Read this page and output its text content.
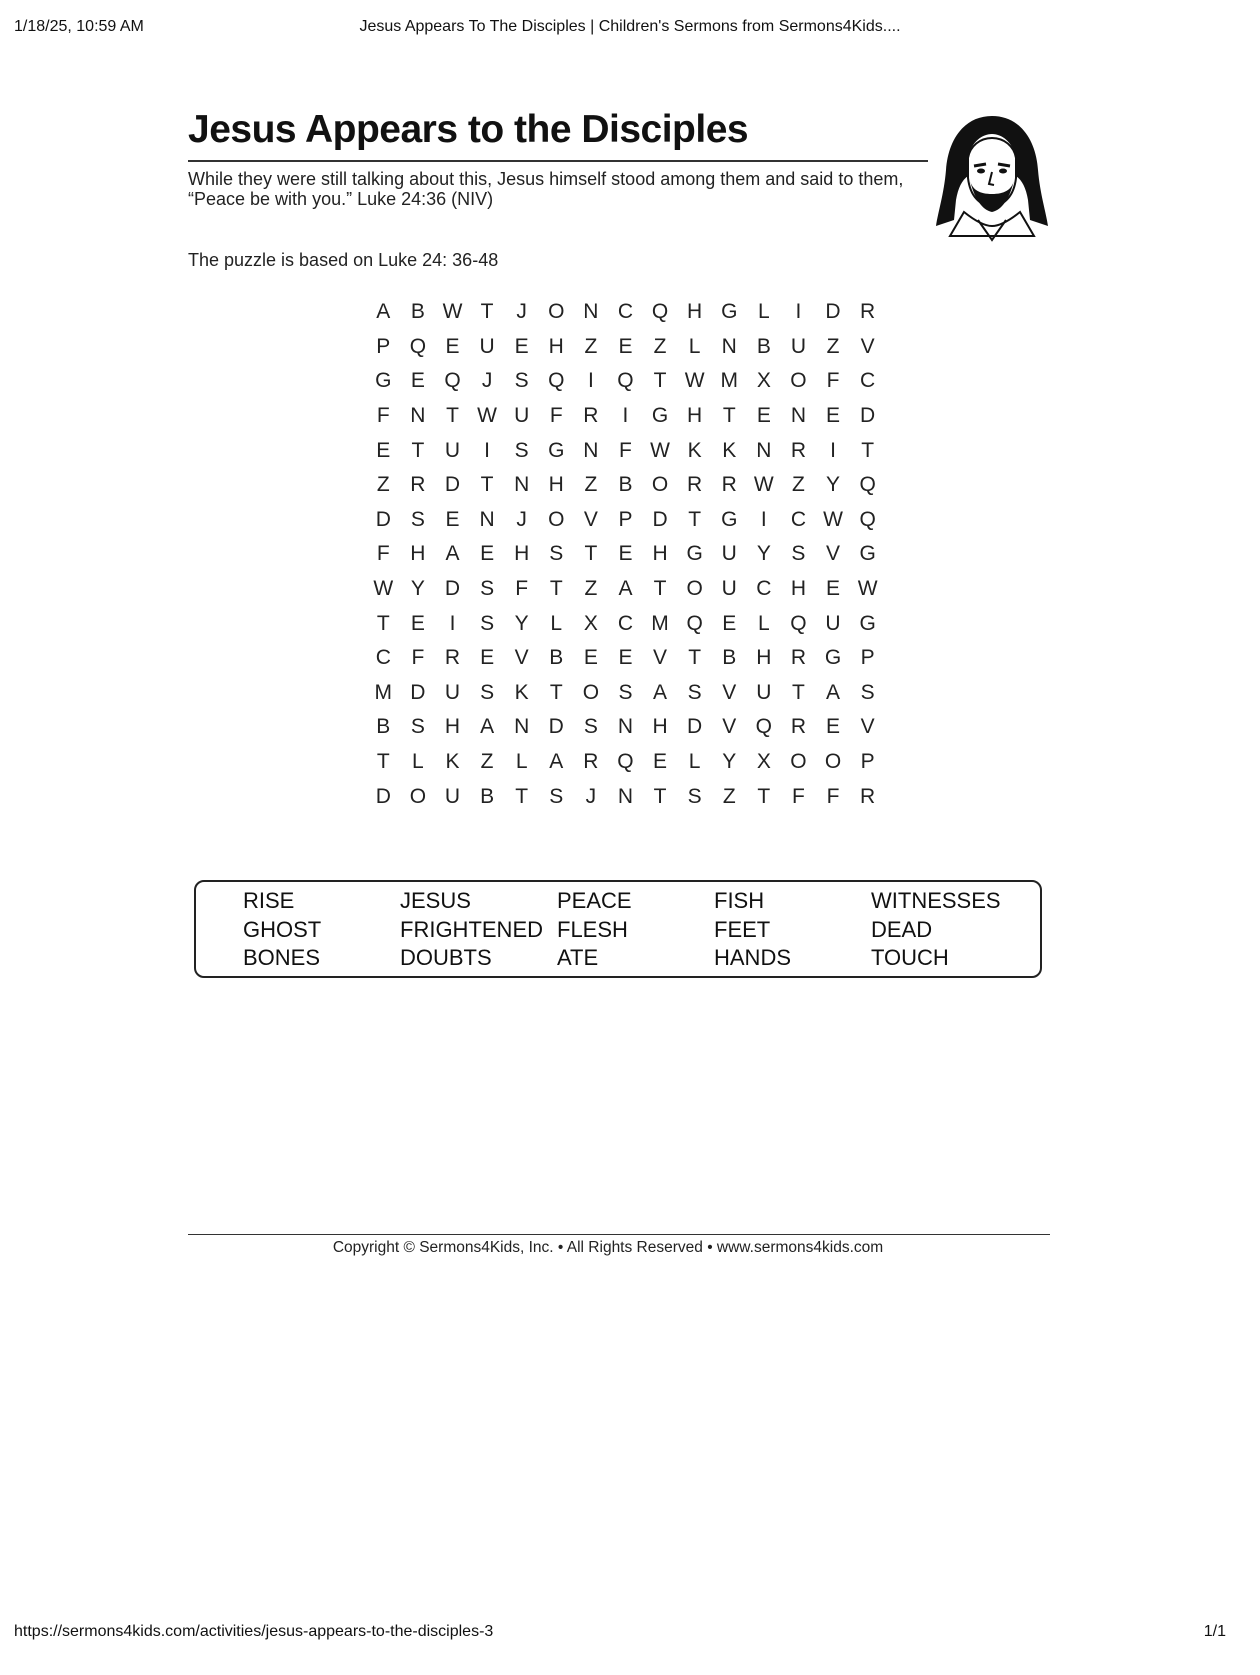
1/18/25, 10:59 AM	Jesus Appears To The Disciples | Children's Sermons from Sermons4Kids....
Jesus Appears to the Disciples
While they were still talking about this, Jesus himself stood among them and said to them, “Peace be with you.” Luke 24:36 (NIV)
The puzzle is based on Luke 24: 36-48
A B W T	J	O N C Q H G L	I	D R
P Q E U E H Z	E	Z	L	N B U Z	V
G E Q	J	S Q	I	Q T W M X O F C
F N T W U F R	I	G H T	E N E D
E	T U	I	S G N F W K K N R	I	T
Z R D T N H Z	B O R R W Z	Y Q
D S E N	J	O V P D T G	I	C W Q
F H A E H S	T	E H G U Y S V G
W Y D S	F	T	Z	A	T O U C H E W
T	E	I	S Y	L	X C M Q E	L Q U G
C F R E V B E E V	T	B H R G P
M D U S K	T O S A S V U T	A S
B S H A N D S N H D V Q R E V
T	L	K	Z	L	A R Q E	L	Y X O O P
D O U B	T	S	J	N T	S	Z	T	F	F R
RISE	JESUS	PEACE	FISH	WITNESSES
GHOST	FRIGHTENED FLESH	FEET	DEAD
BONES	DOUBTS	ATE	HANDS	TOUCH
Copyright © Sermons4Kids, Inc. • All Rights Reserved • www.sermons4kids.com
https://sermons4kids.com/activities/jesus-appears-to-the-disciples-3	1/1
